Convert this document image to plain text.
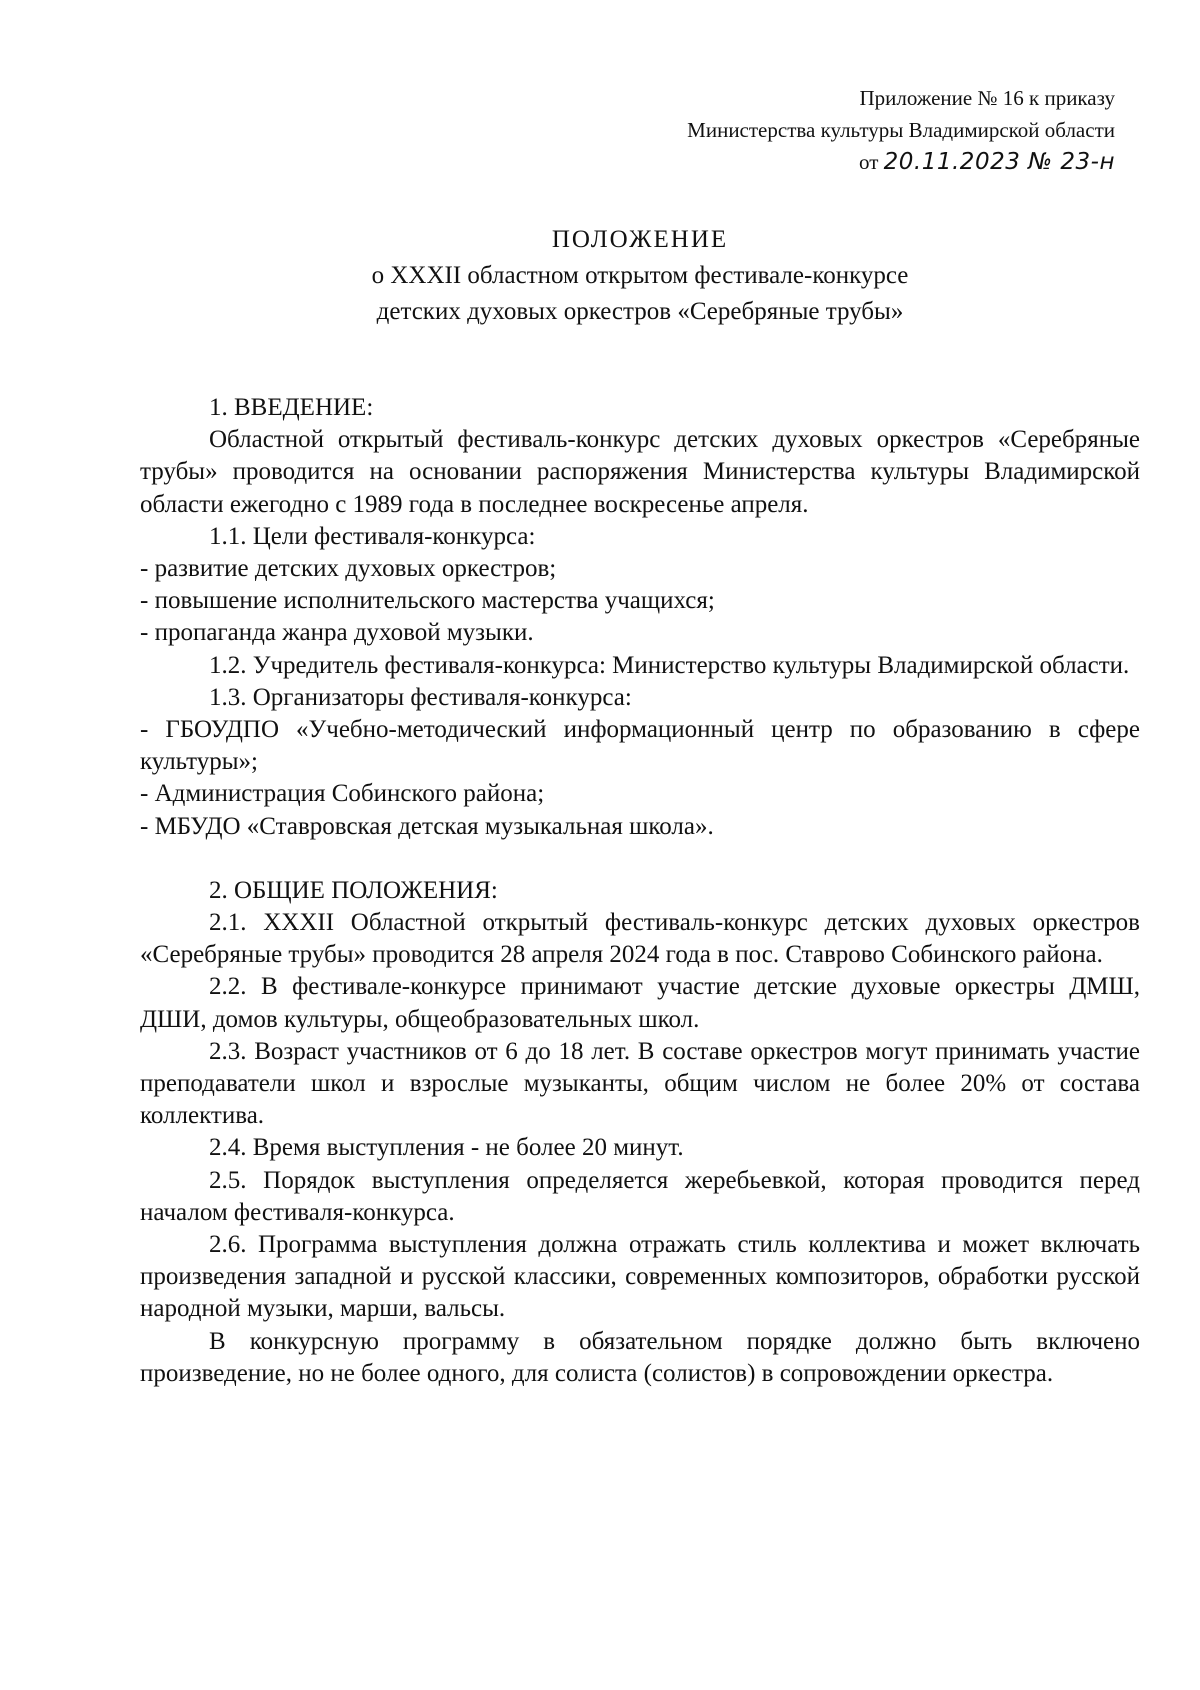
Приложение № 16 к приказу
Министерства культуры Владимирской области
от 20.11.2023 № 23-н
ПОЛОЖЕНИЕ
о XXXII областном открытом фестивале-конкурсе
детских духовых оркестров «Серебряные трубы»

1. ВВЕДЕНИЕ:

Областной открытый фестиваль-конкурс детских духовых оркестров «Серебряные трубы» проводится на основании распоряжения Министерства культуры Владимирской области ежегодно с 1989 года в последнее воскресенье апреля.

1.1. Цели фестиваля-конкурса:

- развитие детских духовых оркестров;

- повышение исполнительского мастерства учащихся;

- пропаганда жанра духовой музыки.

1.2. Учредитель фестиваля-конкурса: Министерство культуры Владимирской области.

1.3. Организаторы фестиваля-конкурса:

- ГБОУДПО «Учебно-методический информационный центр по образованию в сфере культуры»;

- Администрация Собинского района;

- МБУДО «Ставровская детская музыкальная школа».

2. ОБЩИЕ ПОЛОЖЕНИЯ:

2.1. XXXII Областной открытый фестиваль-конкурс детских духовых оркестров «Серебряные трубы» проводится 28 апреля 2024 года в пос. Ставрово Собинского района.

2.2. В фестивале-конкурсе принимают участие детские духовые оркестры ДМШ, ДШИ, домов культуры, общеобразовательных школ.

2.3. Возраст участников от 6 до 18 лет. В составе оркестров могут принимать участие преподаватели школ и взрослые музыканты, общим числом не более 20% от состава коллектива.

2.4. Время выступления - не более 20 минут.

2.5. Порядок выступления определяется жеребьевкой, которая проводится перед началом фестиваля-конкурса.

2.6. Программа выступления должна отражать стиль коллектива и может включать произведения западной и русской классики, современных композиторов, обработки русской народной музыки, марши, вальсы.

В конкурсную программу в обязательном порядке должно быть включено произведение, но не более одного, для солиста (солистов) в сопровождении оркестра.
